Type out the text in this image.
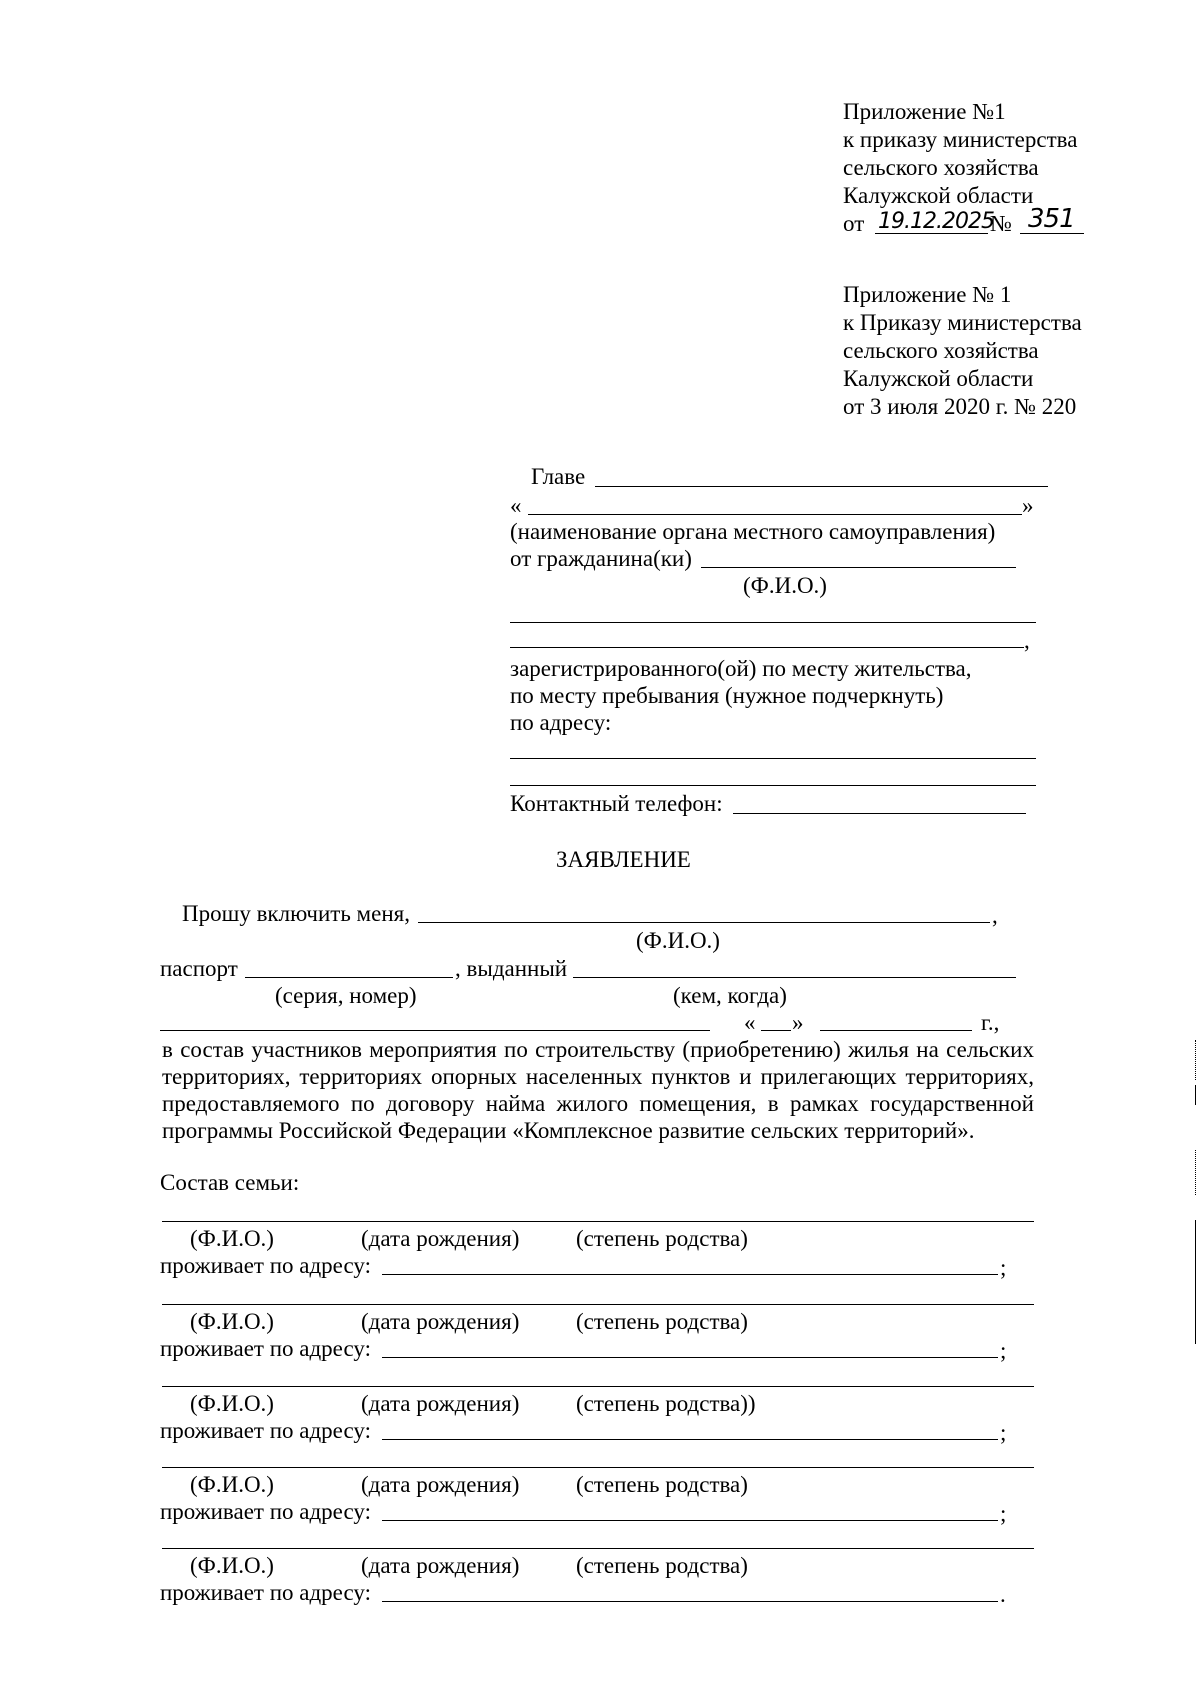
Приложение №1
к приказу министерства
сельского хозяйства
Калужской области
от 19.12.2025
№ 351
Приложение № 1
к Приказу министерства
сельского хозяйства
Калужской области
от 3 июля 2020 г. № 220
Главе
«	»
(наименование органа местного самоуправления)
от гражданина(ки)
(Ф.И.О.)
,
зарегистрированного(ой) по месту жительства,
по месту пребывания (нужное подчеркнуть)
по адресу:
Контактный телефон:
ЗАЯВЛЕНИЕ
Прошу включить меня,	,
(Ф.И.О.)
паспорт	, выданный
(серия, номер)	(кем, когда)
« »	г.,
в состав участников мероприятия по строительству (приобретению) жилья на сельских
территориях, территориях опорных населенных пунктов и прилегающих территориях,
предоставляемого по договору найма жилого помещения, в рамках государственной
программы Российской Федерации «Комплексное развитие сельских территорий».
Состав семьи:
(Ф.И.О.)	(дата рождения) (степень родства)
проживает по адресу:	;
(Ф.И.О.)	(дата рождения) (степень родства)
проживает по адресу:	;
(Ф.И.О.)	(дата рождения) (степень родства))
проживает по адресу:	;
(Ф.И.О.)	(дата рождения) (степень родства)
проживает по адресу:	;
(Ф.И.О.)	(дата рождения) (степень родства)
проживает по адресу:	.
